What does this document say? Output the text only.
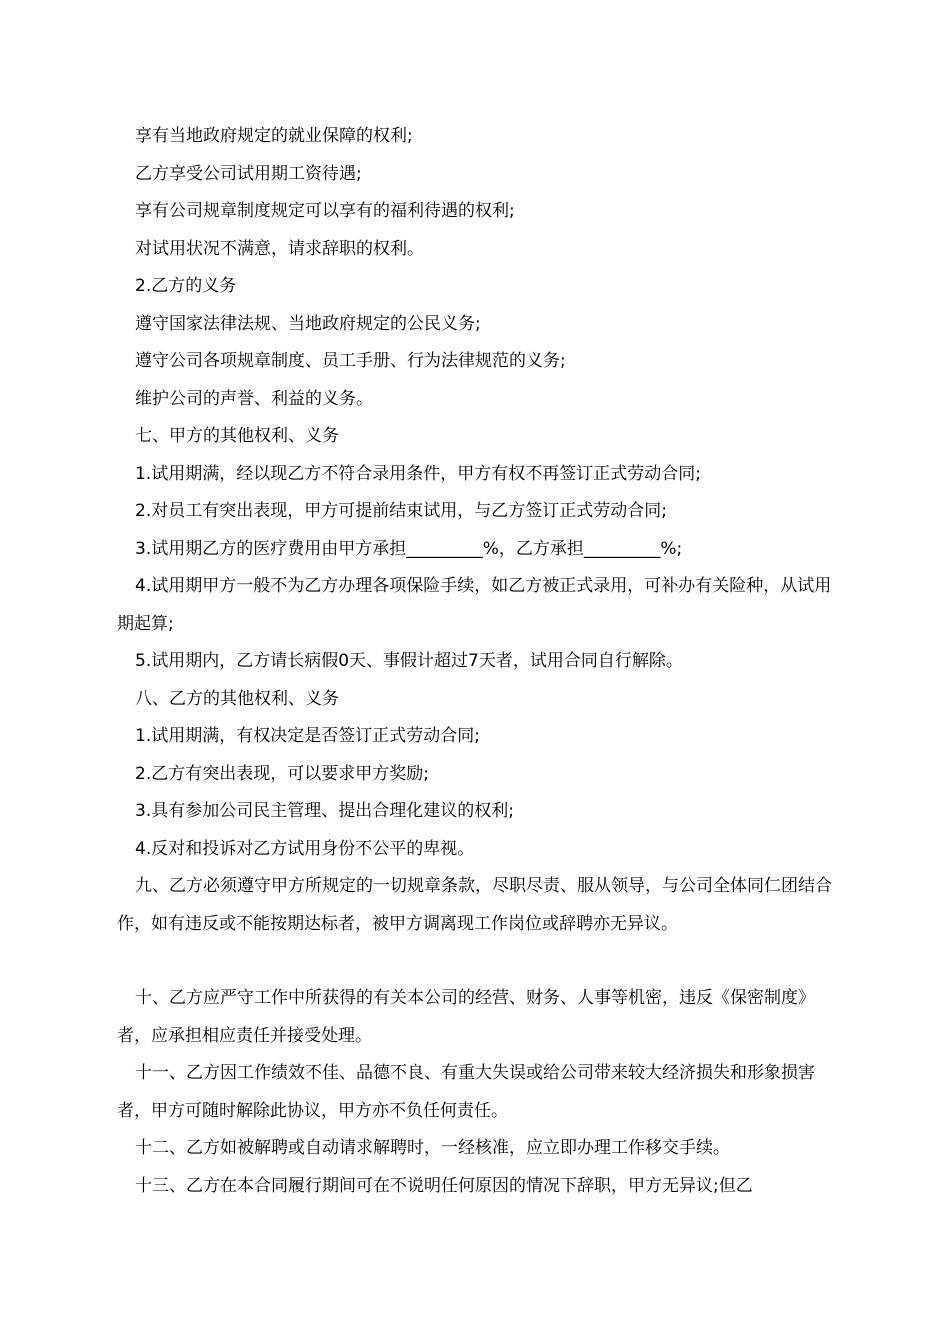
享有当地政府规定的就业保障的权利;

乙方享受公司试用期工资待遇;

享有公司规章制度规定可以享有的福利待遇的权利;

对试用状况不满意，请求辞职的权利。

2.乙方的义务

遵守国家法律法规、当地政府规定的公民义务;

遵守公司各项规章制度、员工手册、行为法律规范的义务;

维护公司的声誉、利益的义务。

七、甲方的其他权利、义务

1.试用期满，经以现乙方不符合录用条件，甲方有权不再签订正式劳动合同;

2.对员工有突出表现，甲方可提前结束试用，与乙方签订正式劳动合同;

3.试用期乙方的医疗费用由甲方承担_________%，乙方承担_________%;

4.试用期甲方一般不为乙方办理各项保险手续，如乙方被正式录用，可补办有关险种，从试用期起算;

5.试用期内，乙方请长病假0天、事假计超过7天者，试用合同自行解除。

八、乙方的其他权利、义务

1.试用期满，有权决定是否签订正式劳动合同;

2.乙方有突出表现，可以要求甲方奖励;

3.具有参加公司民主管理、提出合理化建议的权利;

4.反对和投诉对乙方试用身份不公平的卑视。

九、乙方必须遵守甲方所规定的一切规章条款，尽职尽责、服从领导，与公司全体同仁团结合作，如有违反或不能按期达标者，被甲方调离现工作岗位或辞聘亦无异议。

十、乙方应严守工作中所获得的有关本公司的经营、财务、人事等机密，违反《保密制度》者，应承担相应责任并接受处理。

十一、乙方因工作绩效不佳、品德不良、有重大失误或给公司带来较大经济损失和形象损害者，甲方可随时解除此协议，甲方亦不负任何责任。

十二、乙方如被解聘或自动请求解聘时，一经核准，应立即办理工作移交手续。

十三、乙方在本合同履行期间可在不说明任何原因的情况下辞职，甲方无异议;但乙
